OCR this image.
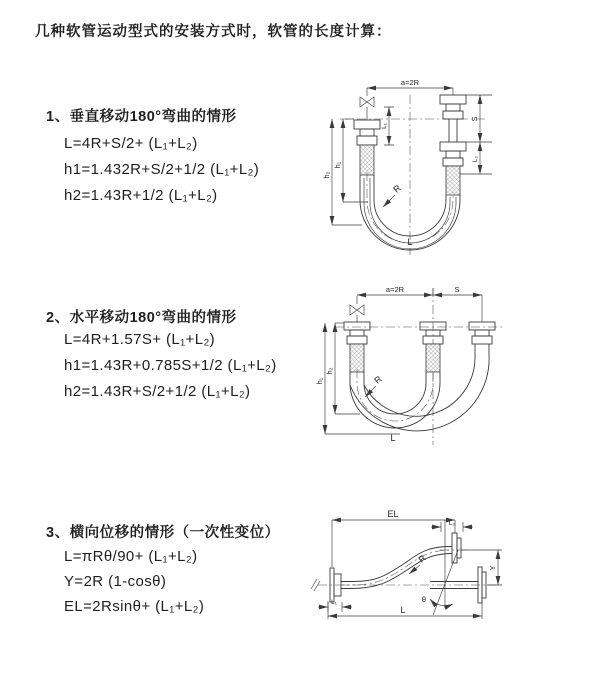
几种软管运动型式的安装方式时，软管的长度计算：
1、垂直移动180°弯曲的情形
L=4R+S/2+ (L₁+L₂)
h1=1.432R+S/2+1/2 (L₁+L₂)
h2=1.43R+1/2 (L₁+L₂)
a=2R
L₁
h₂
h₁
S
L₂
R
L
2、水平移动180°弯曲的情形
L=4R+1.57S+ (L₁+L₂)
h1=1.43R+0.785S+1/2 (L₁+L₂)
h2=1.43R+S/2+1/2 (L₁+L₂)
a=2R	S
h₁
h₂
R
L
3、横向位移的情形（一次性变位）
L=πRθ/90+ (L₁+L₂)
Y=2R (1-cosθ)
EL=2Rsinθ+ (L₁+L₂)
EL
L₂
Y
L
L₁	θ
R
